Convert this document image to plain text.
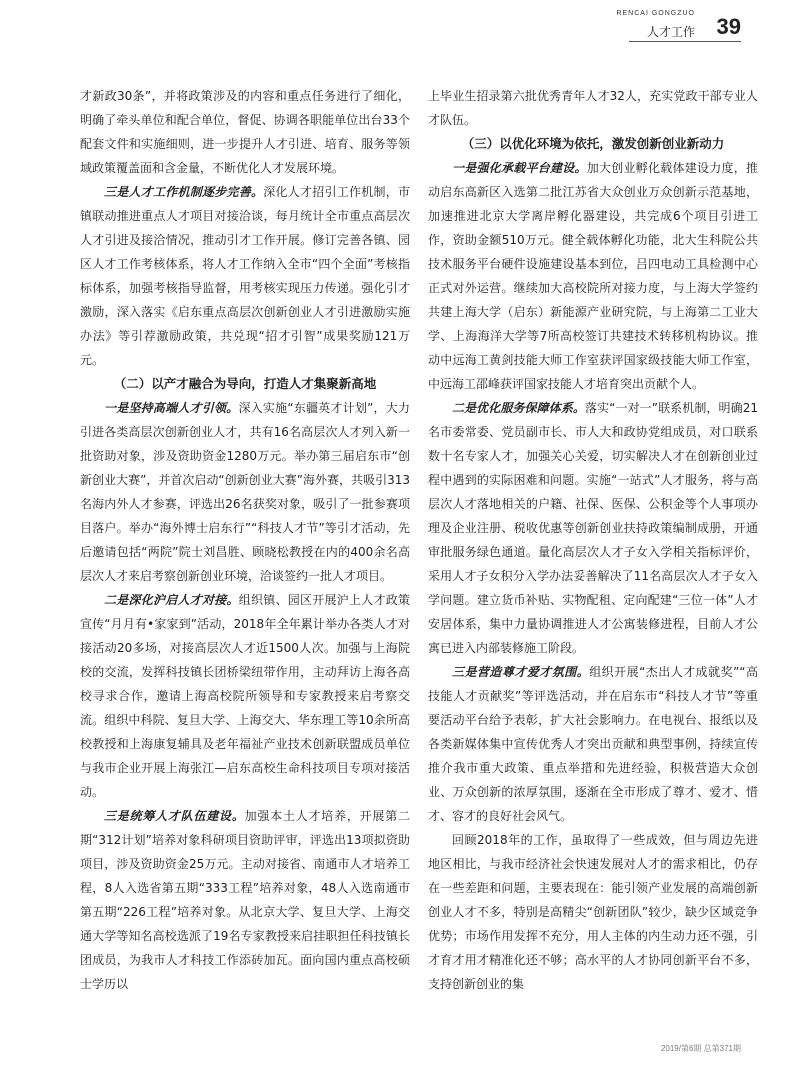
RENCAI GONGZUO
人才工作 39

才新政30条”，并将政策涉及的内容和重点任务进行了细化，明确了牵头单位和配合单位，督促、协调各职能单位出台33个配套文件和实施细则，进一步提升人才引进、培育、服务等领域政策覆盖面和含金量，不断优化人才发展环境。

三是人才工作机制逐步完善。深化人才招引工作机制，市镇联动推进重点人才项目对接洽谈，每月统计全市重点高层次人才引进及接洽情况，推动引才工作开展。修订完善各镇、园区人才工作考核体系，将人才工作纳入全市“四个全面”考核指标体系，加强考核指导监督，用考核实现压力传递。强化引才激励，深入落实《启东重点高层次创新创业人才引进激励实施办法》等引荐激励政策，共兑现“招才引智”成果奖励121万元。

（二）以产才融合为导向，打造人才集聚新高地

一是坚持高端人才引领。深入实施“东疆英才计划”，大力引进各类高层次创新创业人才，共有16名高层次人才列入新一批资助对象，涉及资助资金1280万元。举办第三届启东市“创新创业大赛”，并首次启动“创新创业大赛”海外赛，共吸引313名海内外人才参赛，评选出26名获奖对象，吸引了一批参赛项目落户。举办“海外博士启东行”“科技人才节”等引才活动，先后邀请包括“两院”院士刘昌胜、顾晓松教授在内的400余名高层次人才来启考察创新创业环境，洽谈签约一批人才项目。

二是深化沪启人才对接。组织镇、园区开展沪上人才政策宣传“月月有•家家到”活动，2018年全年累计举办各类人才对接活动20多场，对接高层次人才近1500人次。加强与上海院校的交流，发挥科技镇长团桥梁纽带作用，主动拜访上海各高校寻求合作，邀请上海高校院所领导和专家教授来启考察交流。组织中科院、复旦大学、上海交大、华东理工等10余所高校教授和上海康复辅具及老年福祉产业技术创新联盟成员单位与我市企业开展上海张江—启东高校生命科技项目专项对接活动。

三是统筹人才队伍建设。加强本土人才培养，开展第二期“312计划”培养对象科研项目资助评审，评选出13项拟资助项目，涉及资助资金25万元。主动对接省、南通市人才培养工程，8人入选省第五期“333工程”培养对象，48人入选南通市第五期“226工程”培养对象。从北京大学、复旦大学、上海交通大学等知名高校选派了19名专家教授来启挂职担任科技镇长团成员，为我市人才科技工作添砖加瓦。面向国内重点高校硕士学历以

上毕业生招录第六批优秀青年人才32人，充实党政干部专业人才队伍。

（三）以优化环境为依托，激发创新创业新动力

一是强化承载平台建设。加大创业孵化载体建设力度，推动启东高新区入选第二批江苏省大众创业万众创新示范基地，加速推进北京大学离岸孵化器建设，共完成6个项目引进工作，资助金额510万元。健全载体孵化功能，北大生科院公共技术服务平台硬件设施建设基本到位，吕四电动工具检测中心正式对外运营。继续加大高校院所对接力度，与上海大学签约共建上海大学（启东）新能源产业研究院，与上海第二工业大学、上海海洋大学等7所高校签订共建技术转移机构协议。推动中远海工黄剑技能大师工作室获评国家级技能大师工作室，中远海工邵峰获评国家技能人才培育突出贡献个人。

二是优化服务保障体系。落实“一对一”联系机制，明确21名市委常委、党员副市长、市人大和政协党组成员，对口联系数十名专家人才，加强关心关爱，切实解决人才在创新创业过程中遇到的实际困难和问题。实施“一站式”人才服务，将与高层次人才落地相关的户籍、社保、医保、公积金等个人事项办理及企业注册、税收优惠等创新创业扶持政策编制成册，开通审批服务绿色通道。量化高层次人才子女入学相关指标评价，采用人才子女积分入学办法妥善解决了11名高层次人才子女入学问题。建立货币补贴、实物配租、定向配建“三位一体”人才安居体系，集中力量协调推进人才公寓装修进程，目前人才公寓已进入内部装修施工阶段。

三是营造尊才爱才氛围。组织开展“杰出人才成就奖”“高技能人才贡献奖”等评选活动，并在启东市“科技人才节”等重要活动平台给予表彰，扩大社会影响力。在电视台、报纸以及各类新媒体集中宣传优秀人才突出贡献和典型事例，持续宣传推介我市重大政策、重点举措和先进经验，积极营造大众创业、万众创新的浓厚氛围，逐渐在全市形成了尊才、爱才、惜才、容才的良好社会风气。

回顾2018年的工作，虽取得了一些成效，但与周边先进地区相比，与我市经济社会快速发展对人才的需求相比，仍存在一些差距和问题，主要表现在：能引领产业发展的高端创新创业人才不多，特别是高精尖“创新团队”较少，缺少区域竞争优势；市场作用发挥不充分，用人主体的内生动力还不强，引才育才用才精准化还不够；高水平的人才协同创新平台不多，支持创新创业的集

2019/第6期 总第371期
